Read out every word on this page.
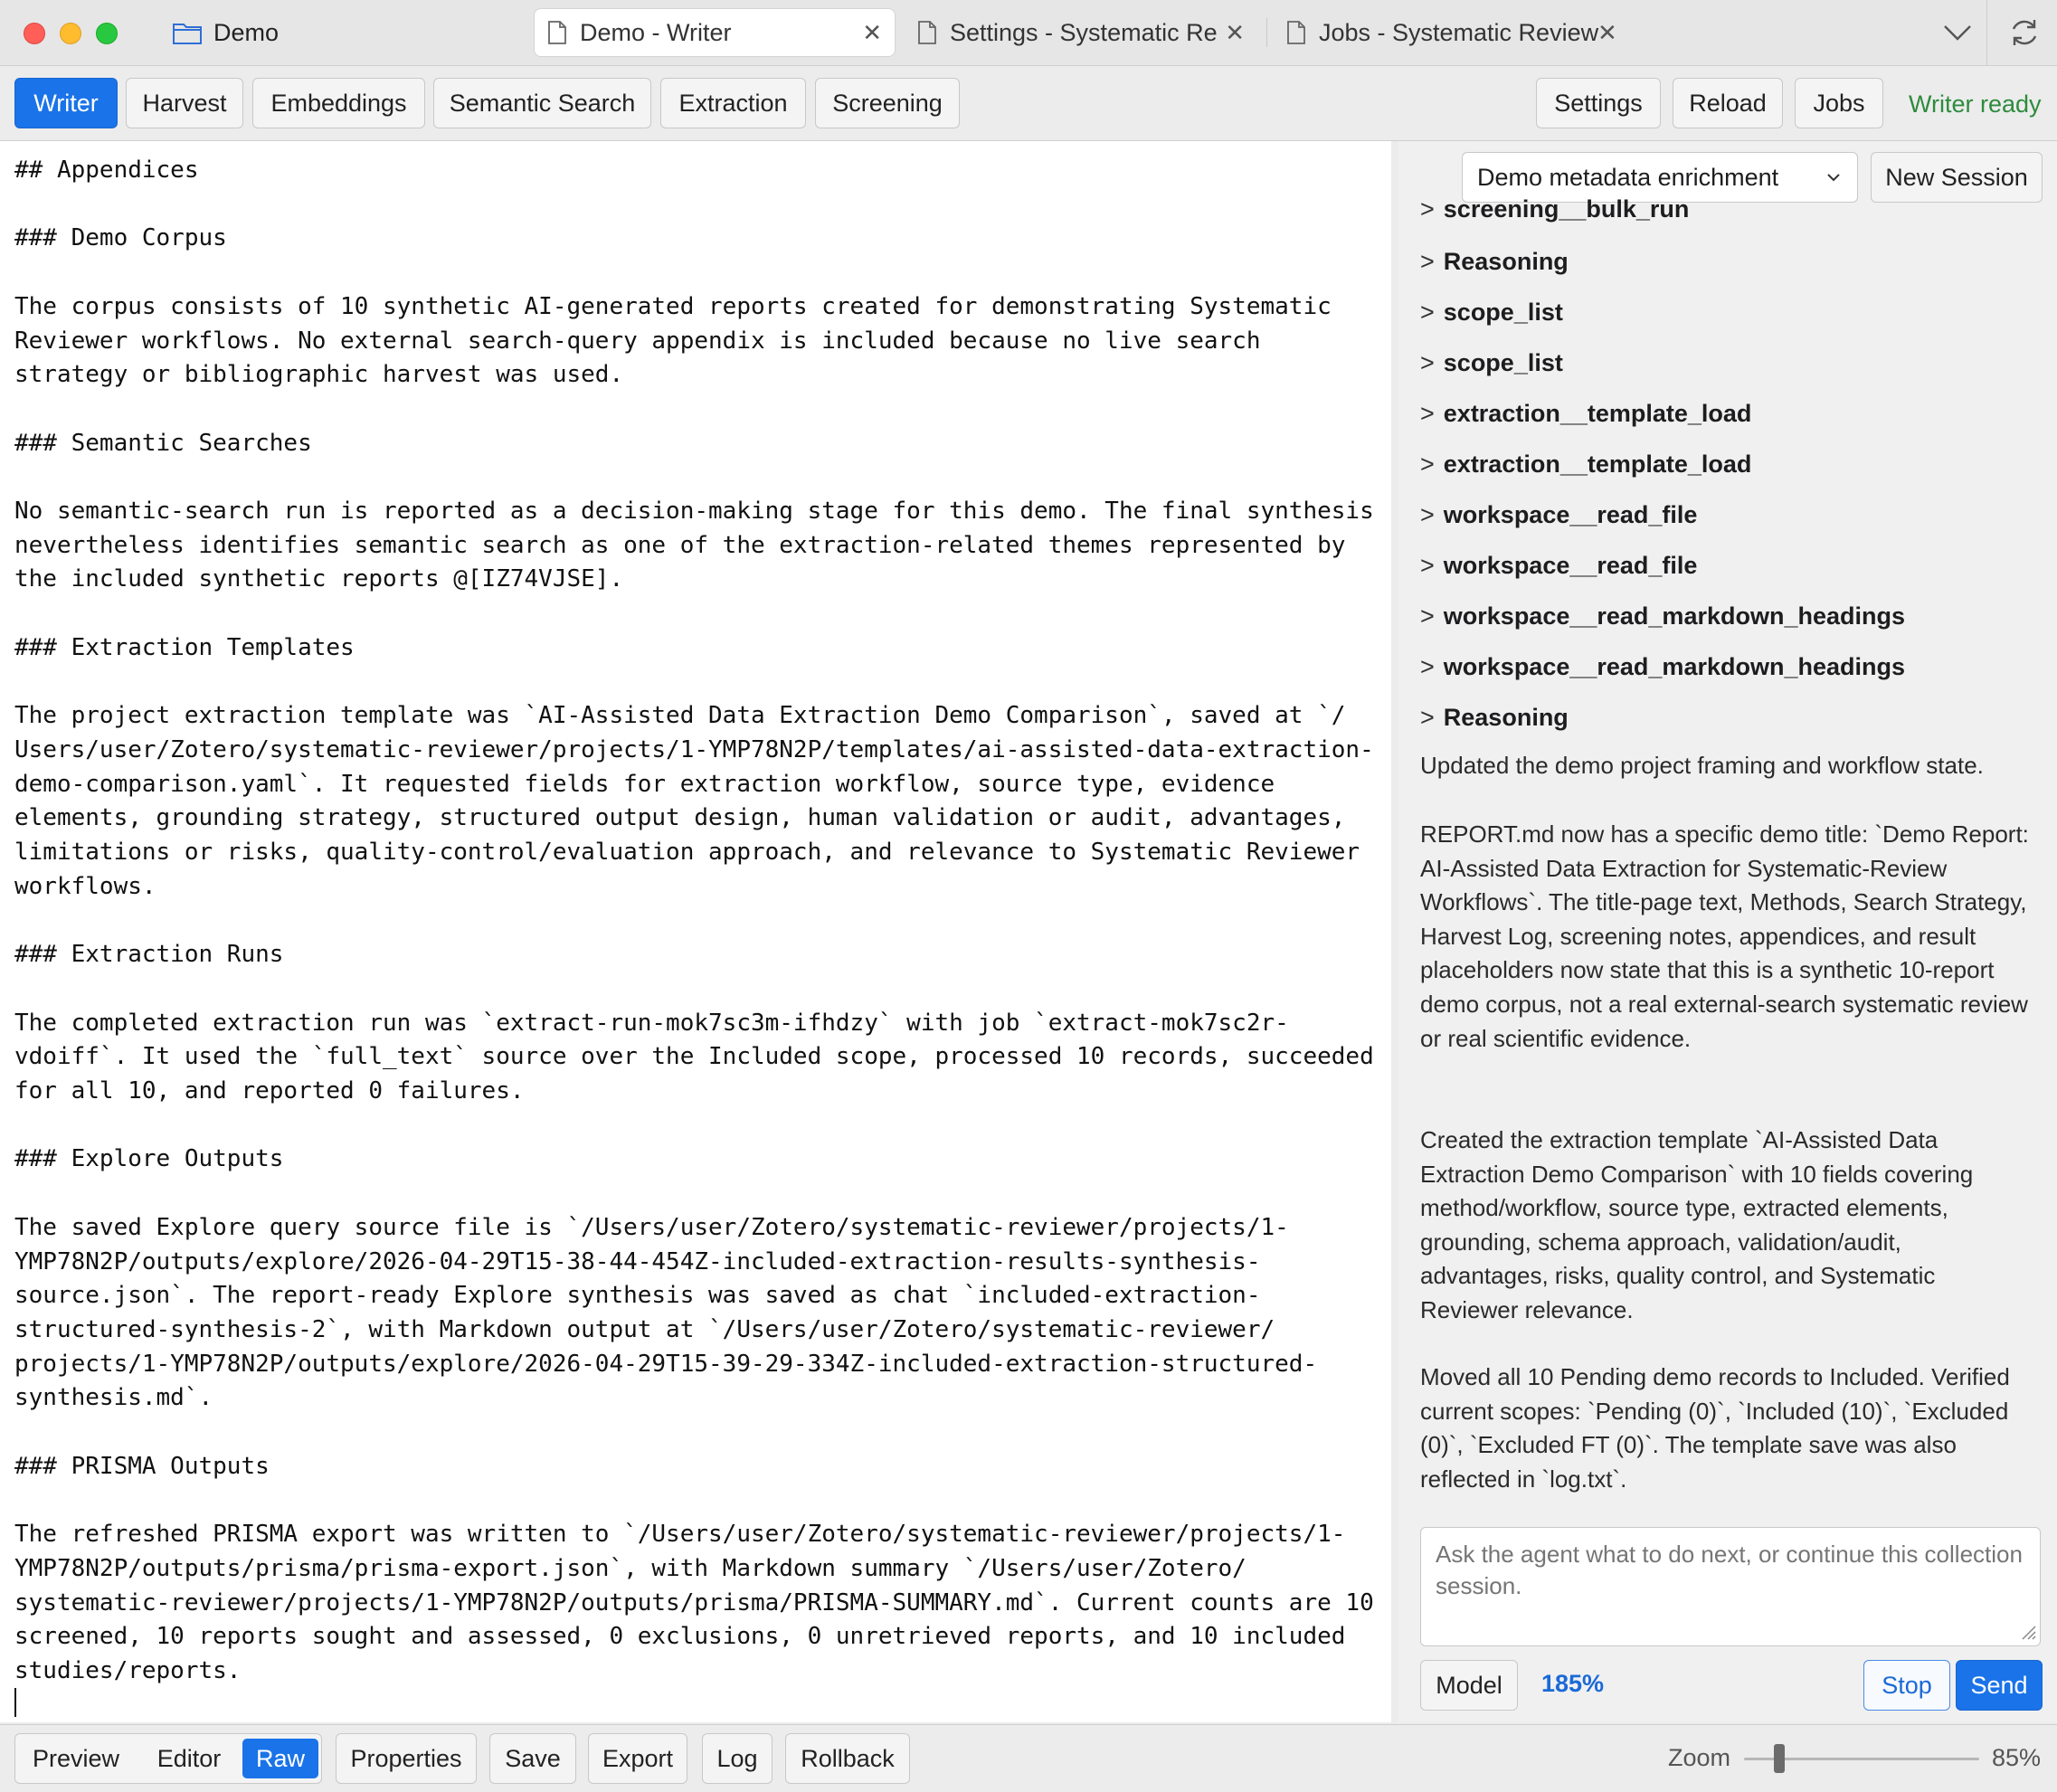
Demo	Demo - Writer	✕	Settings - Systematic Re ✕	Jobs - Systematic Review
✕
Writer	Harvest	Embeddings	Semantic Search	Extraction	Screening	Settings	Reload	Jobs	Writer ready
## Appendices

### Demo Corpus

The corpus consists of 10 synthetic AI-generated reports created for demonstrating Systematic
Reviewer workflows. No external search-query appendix is included because no live search
strategy or bibliographic harvest was used.

### Semantic Searches

No semantic-search run is reported as a decision-making stage for this demo. The final synthesis
nevertheless identifies semantic search as one of the extraction-related themes represented by
the included synthetic reports @[IZ74VJSE].

### Extraction Templates

The project extraction template was `AI-Assisted Data Extraction Demo Comparison`, saved at `/
Users/user/Zotero/systematic-reviewer/projects/1-YMP78N2P/templates/ai-assisted-data-extraction-
demo-comparison.yaml`. It requested fields for extraction workflow, source type, evidence
elements, grounding strategy, structured output design, human validation or audit, advantages,
limitations or risks, quality-control/evaluation approach, and relevance to Systematic Reviewer
workflows.

### Extraction Runs

The completed extraction run was `extract-run-mok7sc3m-ifhdzy` with job `extract-mok7sc2r-
vdoiff`. It used the `full_text` source over the Included scope, processed 10 records, succeeded
for all 10, and reported 0 failures.

### Explore Outputs

The saved Explore query source file is `/Users/user/Zotero/systematic-reviewer/projects/1-
YMP78N2P/outputs/explore/2026-04-29T15-38-44-454Z-included-extraction-results-synthesis-
source.json`. The report-ready Explore synthesis was saved as chat `included-extraction-
structured-synthesis-2`, with Markdown output at `/Users/user/Zotero/systematic-reviewer/
projects/1-YMP78N2P/outputs/explore/2026-04-29T15-39-29-334Z-included-extraction-structured-
synthesis.md`.

### PRISMA Outputs

The refreshed PRISMA export was written to `/Users/user/Zotero/systematic-reviewer/projects/1-
YMP78N2P/outputs/prisma/prisma-export.json`, with Markdown summary `/Users/user/Zotero/
systematic-reviewer/projects/1-YMP78N2P/outputs/prisma/PRISMA-SUMMARY.md`. Current counts are 10
screened, 10 reports sought and assessed, 0 exclusions, 0 unretrieved reports, and 10 included
studies/reports.
Demo metadata enrichment	New Session
> screening__bulk_run
> Reasoning
> scope_list
> scope_list
> extraction__template_load
> extraction__template_load
> workspace__read_file
> workspace__read_file
> workspace__read_markdown_headings
> workspace__read_markdown_headings
> Reasoning

Updated the demo project framing and workflow state.

REPORT.md now has a specific demo title: `Demo Report: AI-Assisted Data Extraction for Systematic-Review Workflows`. The title-page text, Methods, Search Strategy, Harvest Log, screening notes, appendices, and result placeholders now state that this is a synthetic 10-report demo corpus, not a real external-search systematic review or real scientific evidence.

Created the extraction template `AI-Assisted Data Extraction Demo Comparison` with 10 fields covering method/workflow, source type, extracted elements, grounding, schema approach, validation/audit, advantages, risks, quality control, and Systematic Reviewer relevance.

Moved all 10 Pending demo records to Included. Verified current scopes: `Pending (0)`, `Included (10)`, `Excluded (0)`, `Excluded FT (0)`. The template save was also reflected in `log.txt`.

Ask the agent what to do next, or continue this collection session.
Model	185%	Stop	Send
Preview	Editor	Raw	Properties	Save	Export	Log	Rollback	Zoom	85%
